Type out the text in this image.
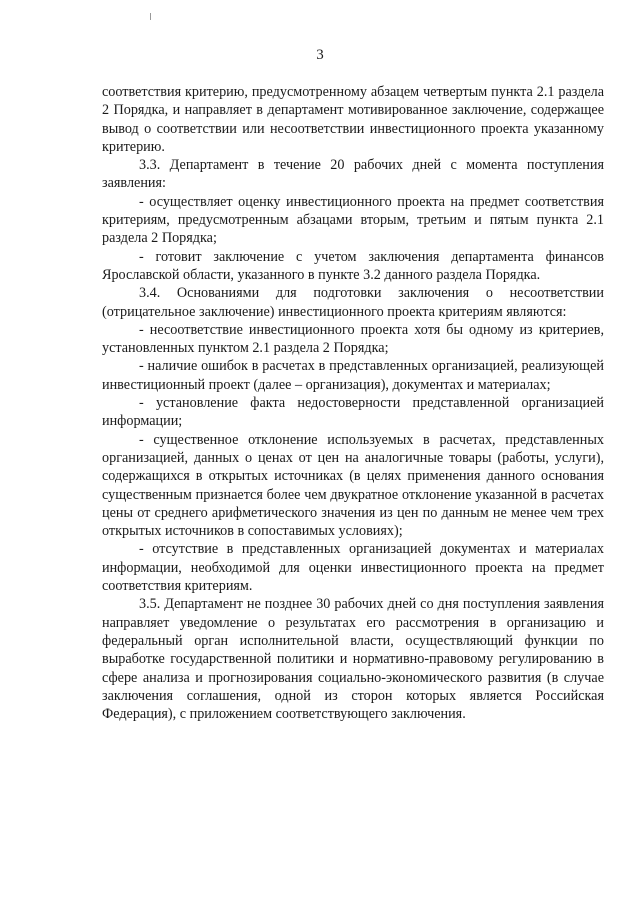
3

соответствия критерию, предусмотренному абзацем четвертым пункта 2.1 раздела 2 Порядка, и направляет в департамент мотивированное заключение, содержащее вывод о соответствии или несоответствии инвестиционного проекта указанному критерию.

3.3. Департамент в течение 20 рабочих дней с момента поступления заявления:

- осуществляет оценку инвестиционного проекта на предмет соответствия критериям, предусмотренным абзацами вторым, третьим и пятым пункта 2.1 раздела 2 Порядка;

- готовит заключение с учетом заключения департамента финансов Ярославской области, указанного в пункте 3.2 данного раздела Порядка.

3.4. Основаниями для подготовки заключения о несоответствии (отрицательное заключение) инвестиционного проекта критериям являются:

- несоответствие инвестиционного проекта хотя бы одному из критериев, установленных пунктом 2.1 раздела 2 Порядка;

- наличие ошибок в расчетах в представленных организацией, реализующей инвестиционный проект (далее – организация), документах и материалах;

- установление факта недостоверности представленной организацией информации;

- существенное отклонение используемых в расчетах, представленных организацией, данных о ценах от цен на аналогичные товары (работы, услуги), содержащихся в открытых источниках (в целях применения данного основания существенным признается более чем двукратное отклонение указанной в расчетах цены от среднего арифметического значения из цен по данным не менее чем трех открытых источников в сопоставимых условиях);

- отсутствие в представленных организацией документах и материалах информации, необходимой для оценки инвестиционного проекта на предмет соответствия критериям.

3.5. Департамент не позднее 30 рабочих дней со дня поступления заявления направляет уведомление о результатах его рассмотрения в организацию и федеральный орган исполнительной власти, осуществляющий функции по выработке государственной политики и нормативно-правовому регулированию в сфере анализа и прогнозирования социально-экономического развития (в случае заключения соглашения, одной из сторон которых является Российская Федерация), с приложением соответствующего заключения.
